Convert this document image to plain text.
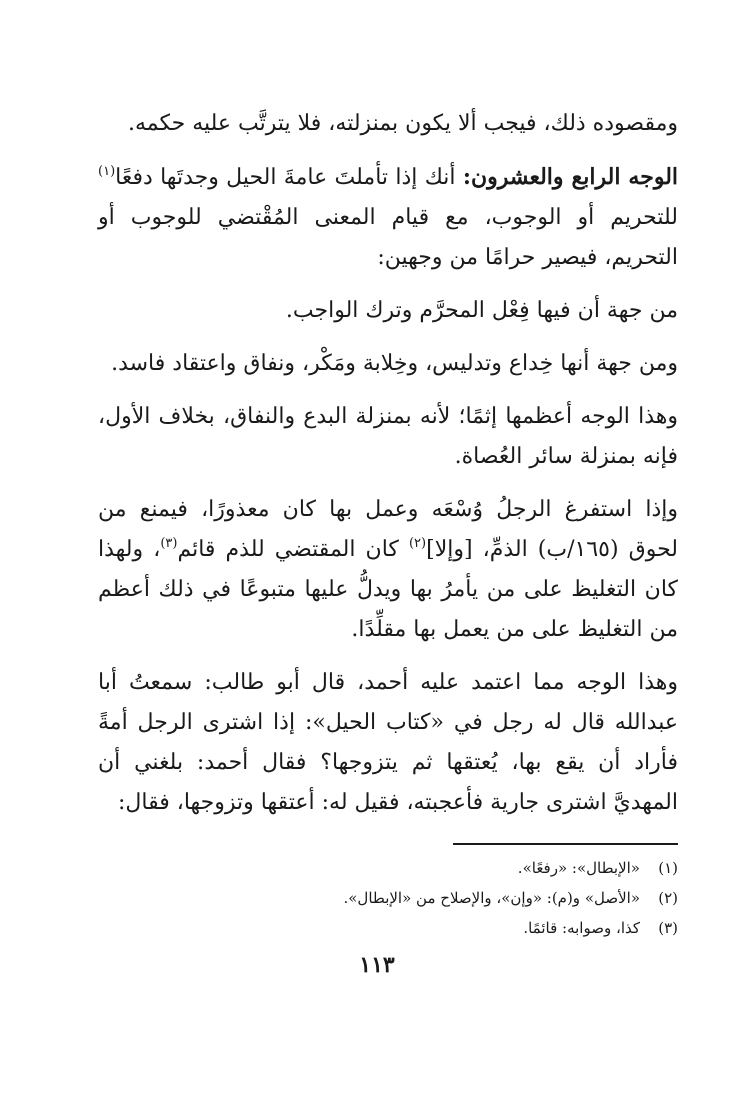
ومقصوده ذلك، فيجب ألا يكون بمنزلته، فلا يترتَّب عليه حكمه.

الوجه الرابع والعشرون: أنك إذا تأملتَ عامةَ الحيل وجدتَها دفعًا$^{(١)}$ للتحريم أو الوجوب، مع قيام المعنى المُقْتضي للوجوب أو التحريم، فيصير حرامًا من وجهين:

من جهة أن فيها فِعْل المحرَّم وترك الواجب.

ومن جهة أنها خِداع وتدليس، وخِلابة ومَكْر، ونفاق واعتقاد فاسد.

وهذا الوجه أعظمها إثمًا؛ لأنه بمنزلة البدع والنفاق، بخلاف الأول، فإنه بمنزلة سائر العُصاة.

وإذا استفرغ الرجلُ وُسْعَه وعمل بها كان معذورًا، فيمنع من لحوق (١٦٥/ب) الذمِّ، [وإلا]$^{(٢)}$ كان المقتضي للذم قائم$^{(٣)}$، ولهذا كان التغليظ على من يأمرُ بها ويدلُّ عليها متبوعًا في ذلك أعظم من التغليظ على من يعمل بها مقلِّدًا.

وهذا الوجه مما اعتمد عليه أحمد، قال أبو طالب: سمعتُ أبا عبدالله قال له رجل في «كتاب الحيل»: إذا اشترى الرجل أمةً فأراد أن يقع بها، يُعتقها ثم يتزوجها؟ فقال أحمد: بلغني أن المهديَّ اشترى جارية فأعجبته، فقيل له: أعتقها وتزوجها، فقال:

(١)
«الإبطال»: «رفعًا».
(٢)
«الأصل» و(م): «وإن»، والإصلاح من «الإبطال».
(٣)
كذا، وصوابه: قائمًا.
١١٣
